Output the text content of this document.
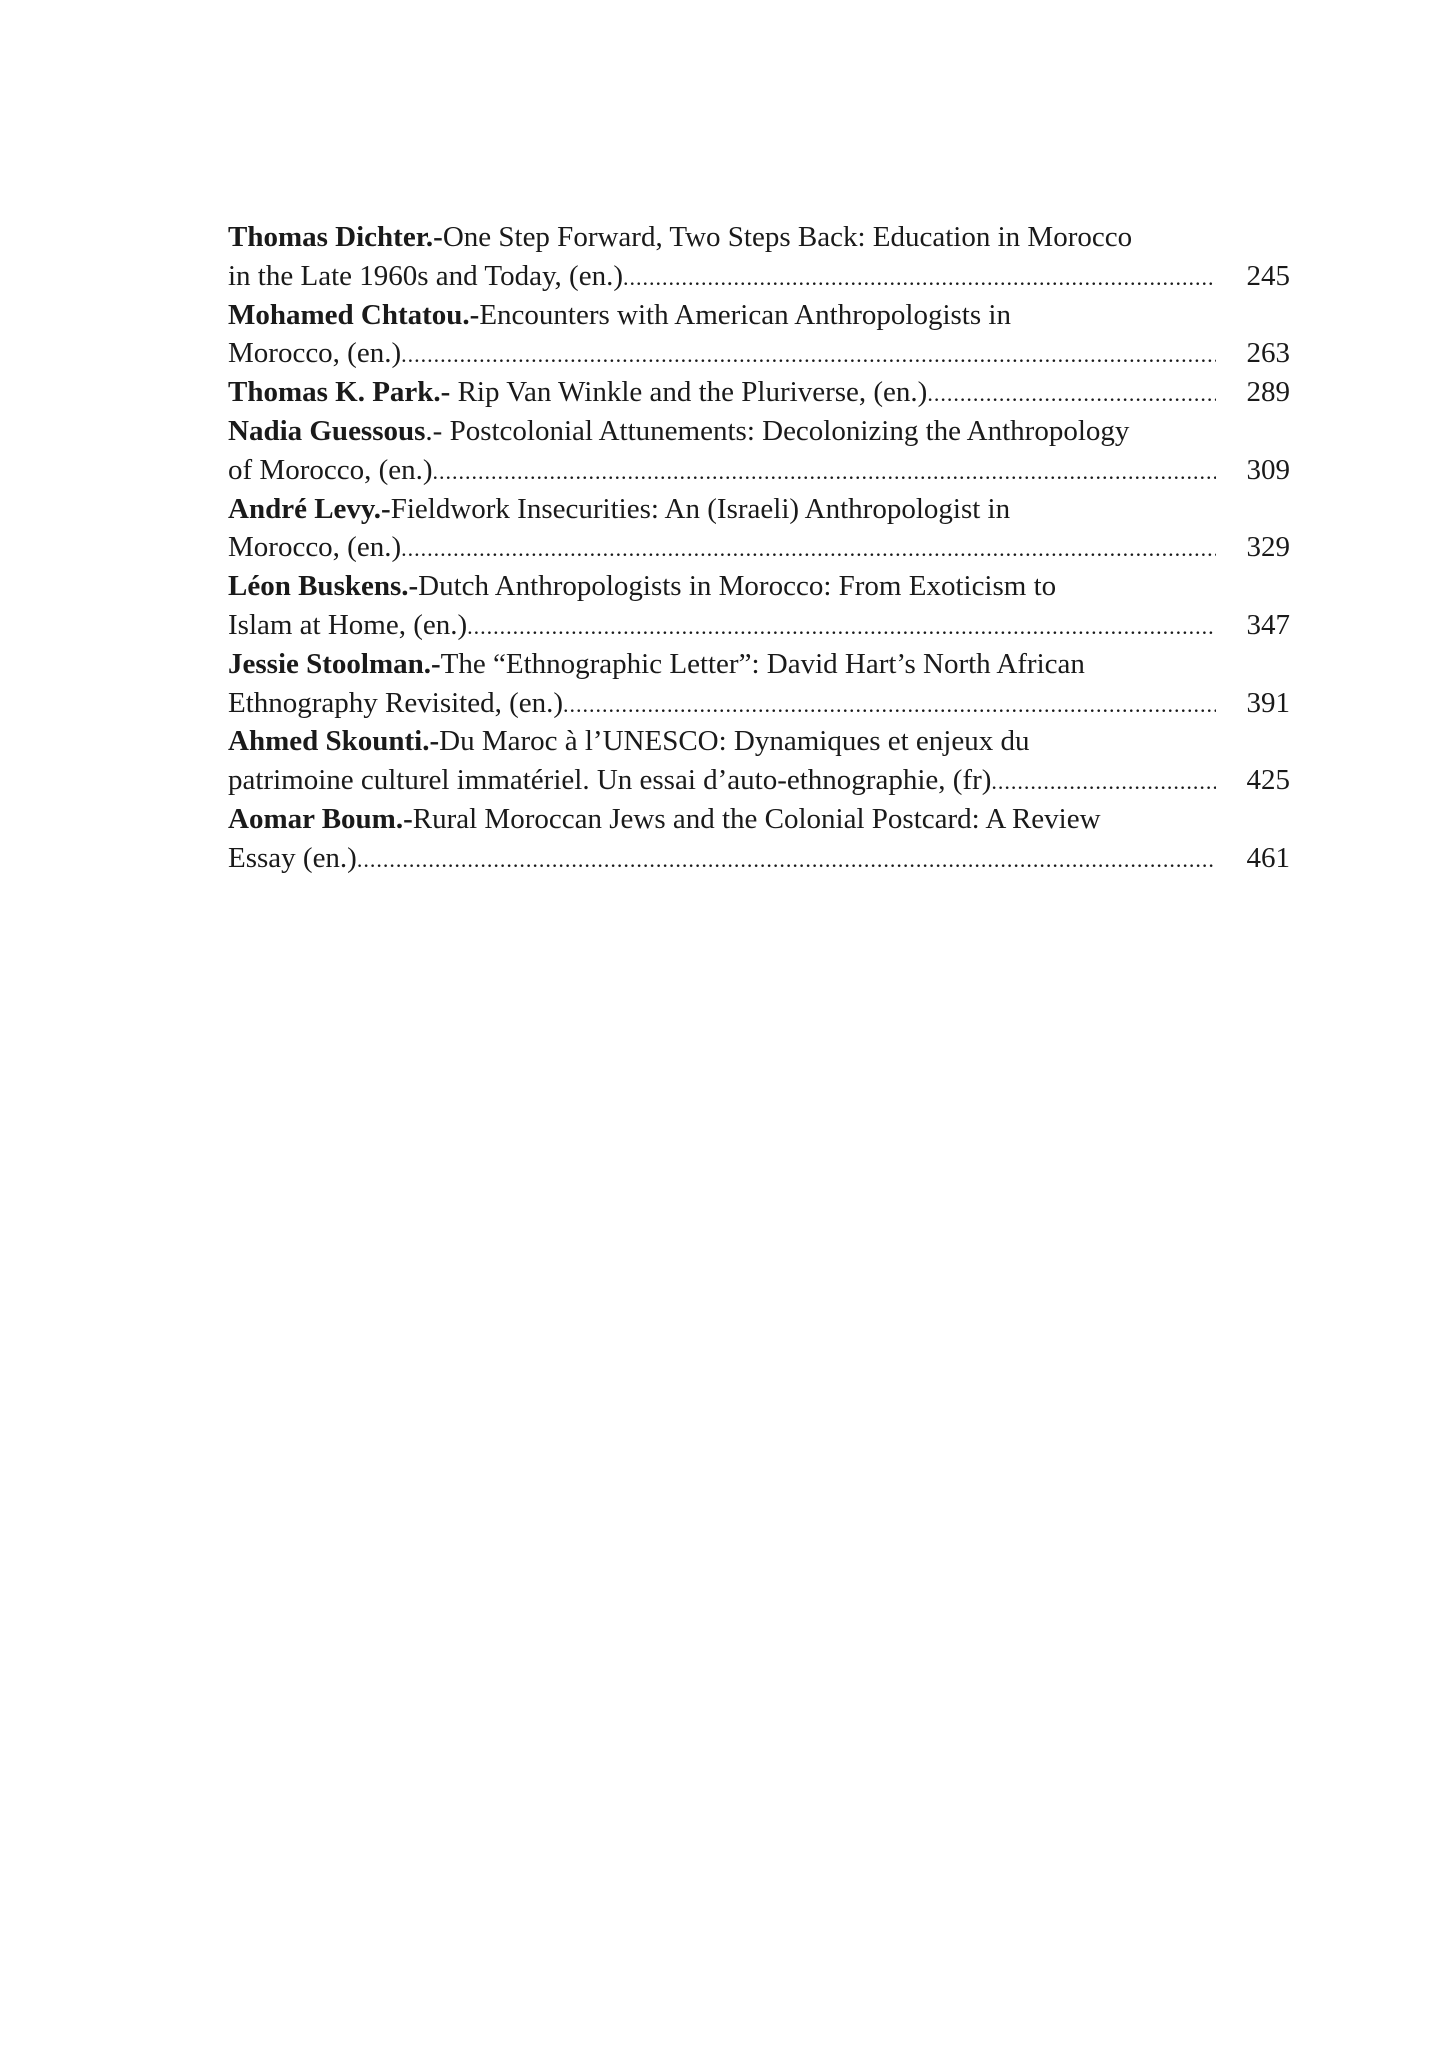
Thomas Dichter.- One Step Forward, Two Steps Back: Education in Morocco
in the Late 1960s and Today, (en.) .....	245
Mohamed Chtatou.- Encounters with American Anthropologists in
Morocco, (en.) .....	263
Thomas K. Park.- Rip Van Winkle and the Pluriverse, (en.) .....	289
Nadia Guessous .- Postcolonial Attunements: Decolonizing the Anthropology
of Morocco, (en.) .....	309
André Levy.- Fieldwork Insecurities: An (Israeli) Anthropologist in
Morocco, (en.) .....	329
Léon Buskens.- Dutch Anthropologists in Morocco: From Exoticism to
Islam at Home, (en.) .....	347
Jessie Stoolman.- The “Ethnographic Letter”: David Hart’s North African
Ethnography Revisited, (en.) .....	391
Ahmed Skounti.- Du Maroc à l’UNESCO: Dynamiques et enjeux du
patrimoine culturel immatériel. Un essai d’auto-ethnographie, (fr) .....	425
Aomar Boum.- Rural Moroccan Jews and the Colonial Postcard: A Review
Essay (en.) .....	461
